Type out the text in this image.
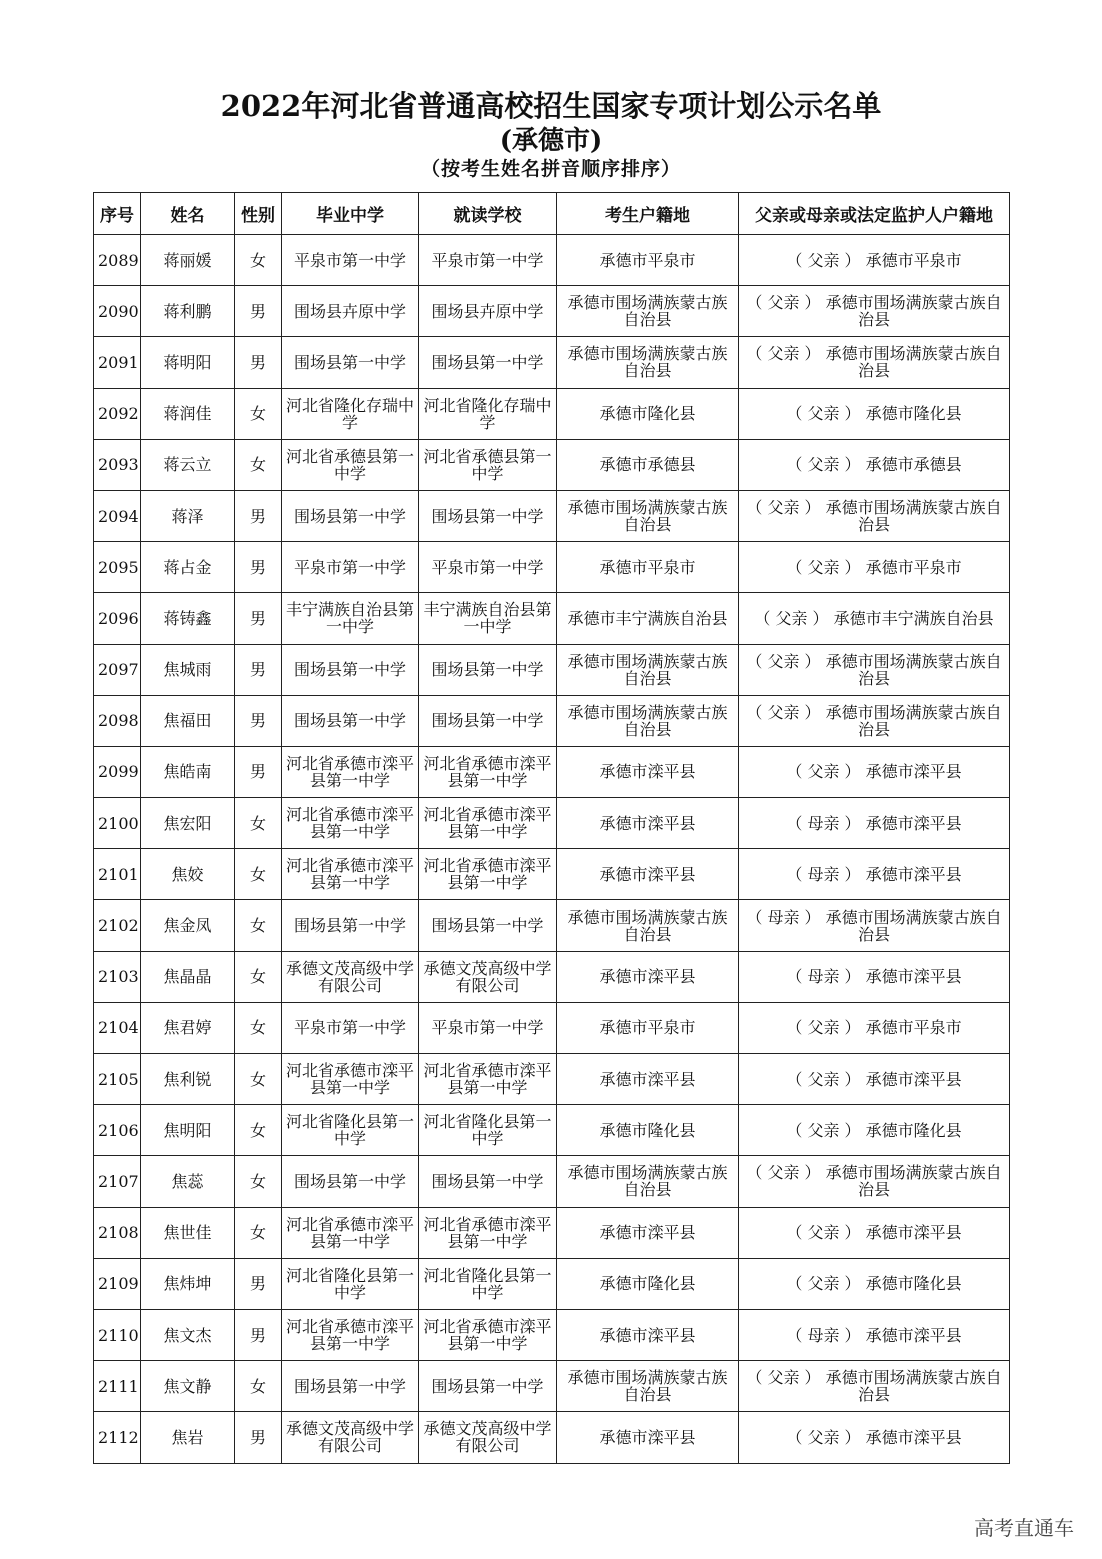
2022年河北省普通高校招生国家专项计划公示名单
(承德市)
（按考生姓名拼音顺序排序）
序号	姓名	性别	毕业中学	就读学校	考生户籍地	父亲或母亲或法定监护人户籍地
2089	蒋丽媛	女	平泉市第一中学	平泉市第一中学	承德市平泉市	（ 父亲 ） 承德市平泉市
2090	蒋利鹏	男	围场县卉原中学	围场县卉原中学	承德市围场满族蒙古族自治县	（ 父亲 ） 承德市围场满族蒙古族自治县
2091	蒋明阳	男	围场县第一中学	围场县第一中学	承德市围场满族蒙古族自治县	（ 父亲 ） 承德市围场满族蒙古族自治县
2092	蒋润佳	女	河北省隆化存瑞中学	河北省隆化存瑞中学	承德市隆化县	（ 父亲 ） 承德市隆化县
2093	蒋云立	女	河北省承德县第一中学	河北省承德县第一中学	承德市承德县	（ 父亲 ） 承德市承德县
2094	蒋泽	男	围场县第一中学	围场县第一中学	承德市围场满族蒙古族自治县	（ 父亲 ） 承德市围场满族蒙古族自治县
2095	蒋占金	男	平泉市第一中学	平泉市第一中学	承德市平泉市	（ 父亲 ） 承德市平泉市
2096	蒋铸鑫	男	丰宁满族自治县第一中学	丰宁满族自治县第一中学	承德市丰宁满族自治县	（ 父亲 ） 承德市丰宁满族自治县
2097	焦城雨	男	围场县第一中学	围场县第一中学	承德市围场满族蒙古族自治县	（ 父亲 ） 承德市围场满族蒙古族自治县
2098	焦福田	男	围场县第一中学	围场县第一中学	承德市围场满族蒙古族自治县	（ 父亲 ） 承德市围场满族蒙古族自治县
2099	焦皓南	男	河北省承德市滦平县第一中学	河北省承德市滦平县第一中学	承德市滦平县	（ 父亲 ） 承德市滦平县
2100	焦宏阳	女	河北省承德市滦平县第一中学	河北省承德市滦平县第一中学	承德市滦平县	（ 母亲 ） 承德市滦平县
2101	焦姣	女	河北省承德市滦平县第一中学	河北省承德市滦平县第一中学	承德市滦平县	（ 母亲 ） 承德市滦平县
2102	焦金凤	女	围场县第一中学	围场县第一中学	承德市围场满族蒙古族自治县	（ 母亲 ） 承德市围场满族蒙古族自治县
2103	焦晶晶	女	承德文茂高级中学有限公司	承德文茂高级中学有限公司	承德市滦平县	（ 母亲 ） 承德市滦平县
2104	焦君婷	女	平泉市第一中学	平泉市第一中学	承德市平泉市	（ 父亲 ） 承德市平泉市
2105	焦利锐	女	河北省承德市滦平县第一中学	河北省承德市滦平县第一中学	承德市滦平县	（ 父亲 ） 承德市滦平县
2106	焦明阳	女	河北省隆化县第一中学	河北省隆化县第一中学	承德市隆化县	（ 父亲 ） 承德市隆化县
2107	焦蕊	女	围场县第一中学	围场县第一中学	承德市围场满族蒙古族自治县	（ 父亲 ） 承德市围场满族蒙古族自治县
2108	焦世佳	女	河北省承德市滦平县第一中学	河北省承德市滦平县第一中学	承德市滦平县	（ 父亲 ） 承德市滦平县
2109	焦炜坤	男	河北省隆化县第一中学	河北省隆化县第一中学	承德市隆化县	（ 父亲 ） 承德市隆化县
2110	焦文杰	男	河北省承德市滦平县第一中学	河北省承德市滦平县第一中学	承德市滦平县	（ 母亲 ） 承德市滦平县
2111	焦文静	女	围场县第一中学	围场县第一中学	承德市围场满族蒙古族自治县	（ 父亲 ） 承德市围场满族蒙古族自治县
2112	焦岩	男	承德文茂高级中学有限公司	承德文茂高级中学有限公司	承德市滦平县	（ 父亲 ） 承德市滦平县
高考直通车
